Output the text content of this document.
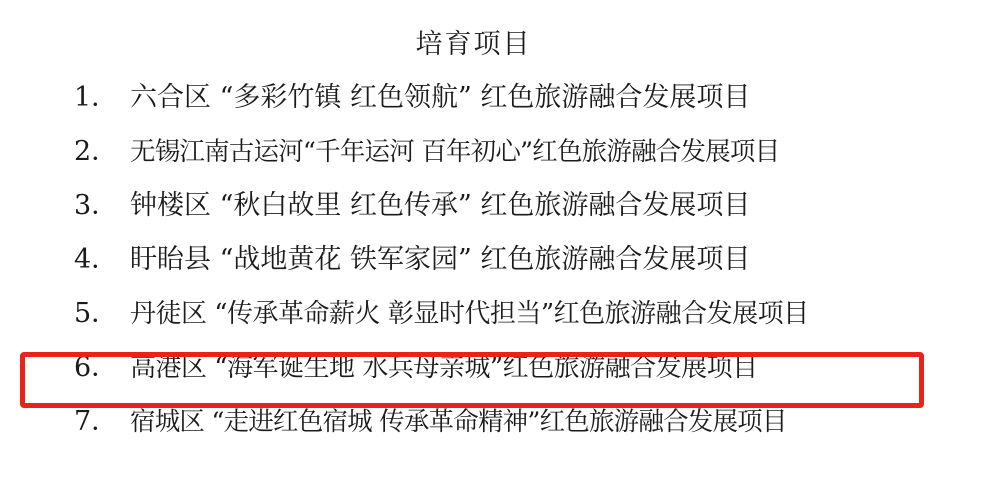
培育项目
1． 六合区 “多彩竹镇 红色领航” 红色旅游融合发展项目
2． 无锡江南古运河“千年运河 百年初心”红色旅游融合发展项目
3． 钟楼区 “秋白故里 红色传承” 红色旅游融合发展项目
4． 盱眙县 “战地黄花 铁军家园” 红色旅游融合发展项目
5． 丹徒区 “传承革命薪火 彰显时代担当”红色旅游融合发展项目
6． 高港区 “海军诞生地 水兵母亲城”红色旅游融合发展项目
7． 宿城区 “走进红色宿城 传承革命精神”红色旅游融合发展项目
